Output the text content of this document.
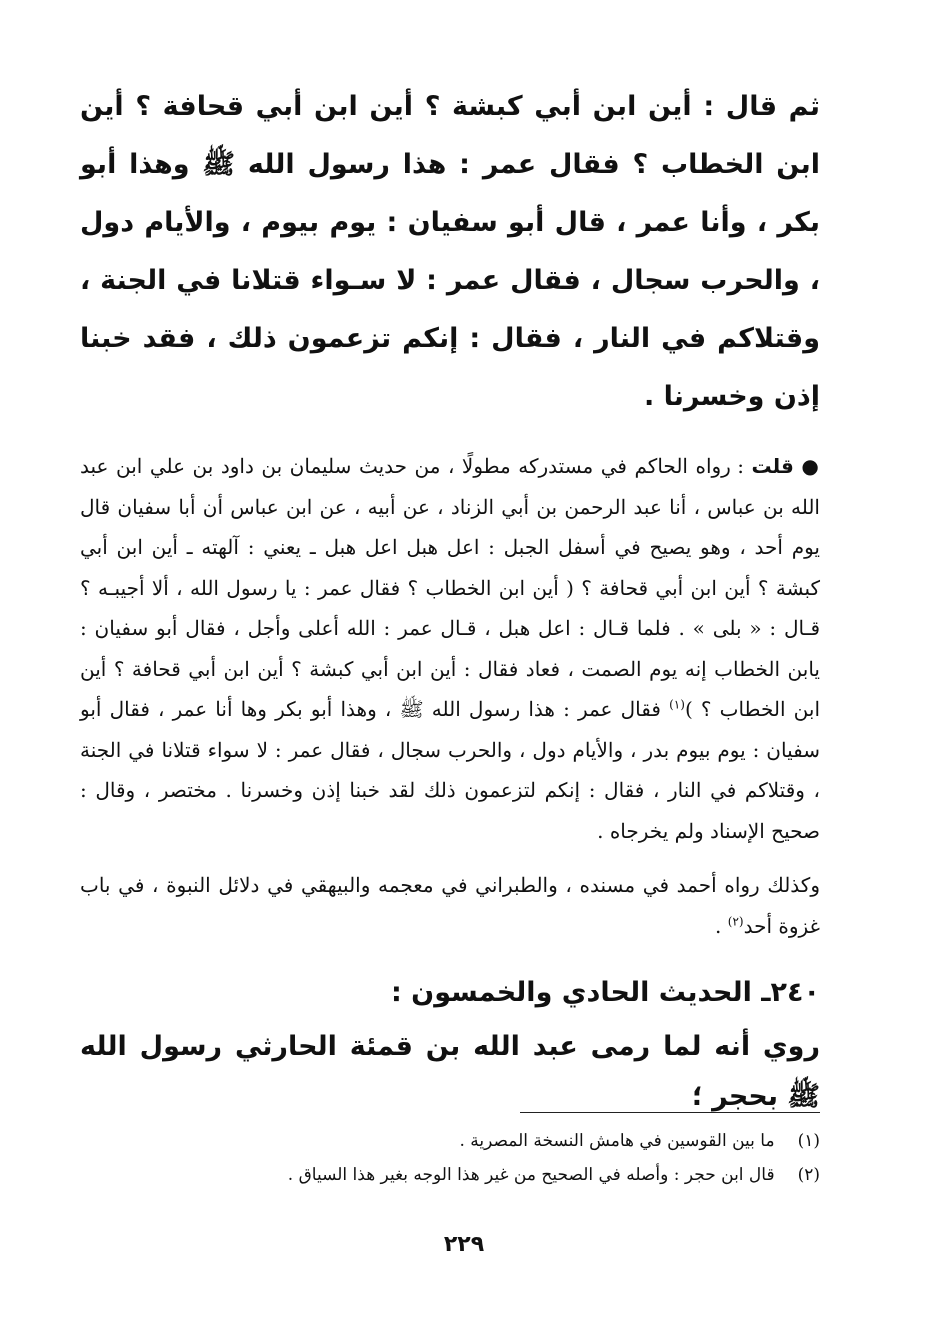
ثم قال : أين ابن أبي كبشة ؟ أين ابن أبي قحافة ؟ أين ابن الخطاب ؟ فقال عمر : هذا رسول الله ﷺ وهذا أبو بكر ، وأنا عمر ، قال أبو سفيان : يوم بيوم ، والأيام دول ، والحرب سجال ، فقال عمر : لا سـواء قتلانا في الجنة ، وقتلاكم في النار ، فقال : إنكم تزعمون ذلك ، فقد خبنا إذن وخسرنا .

● قلت : رواه الحاكم في مستدركه مطولًا ، من حديث سليمان بن داود بن علي ابن عبد الله بن عباس ، أنا عبد الرحمن بن أبي الزناد ، عن أبيه ، عن ابن عباس أن أبا سفيان قال يوم أحد ، وهو يصيح في أسفل الجبل : اعل هبل اعل هبل ـ يعني : آلهته ـ أين ابن أبي كبشة ؟ أين ابن أبي قحافة ؟ ( أين ابن الخطاب ؟ فقال عمر : يا رسول الله ، ألا أجيبـه ؟ قـال : « بلى » . فلما قـال : اعل هبل ، قـال عمر : الله أعلى وأجل ، فقال أبو سفيان : يابن الخطاب إنه يوم الصمت ، فعاد فقال : أين ابن أبي كبشة ؟ أين ابن أبي قحافة ؟ أين ابن الخطاب ؟ )$^{(١)}$ فقال عمر : هذا رسول الله ﷺ ، وهذا أبو بكر وها أنا عمر ، فقال أبو سفيان : يوم بيوم بدر ، والأيام دول ، والحرب سجال ، فقال عمر : لا سواء قتلانا في الجنة ، وقتلاكم في النار ، فقال : إنكم لتزعمون ذلك لقد خبنا إذن وخسرنا . مختصر ، وقال : صحيح الإسناد ولم يخرجاه .

وكذلك رواه أحمد في مسنده ، والطبراني في معجمه والبيهقي في دلائل النبوة ، في باب غزوة أحد$^{(٢)}$ .

٢٤٠ـ الحديث الحادي والخمسون :
روي أنه لما رمى عبد الله بن قمئة الحارثي رسول الله ﷺ بحجر ؛
(١) ما بين القوسين في هامش النسخة المصرية .
(٢) قال ابن حجر : وأصله في الصحيح من غير هذا الوجه بغير هذا السياق .
٢٢٩
